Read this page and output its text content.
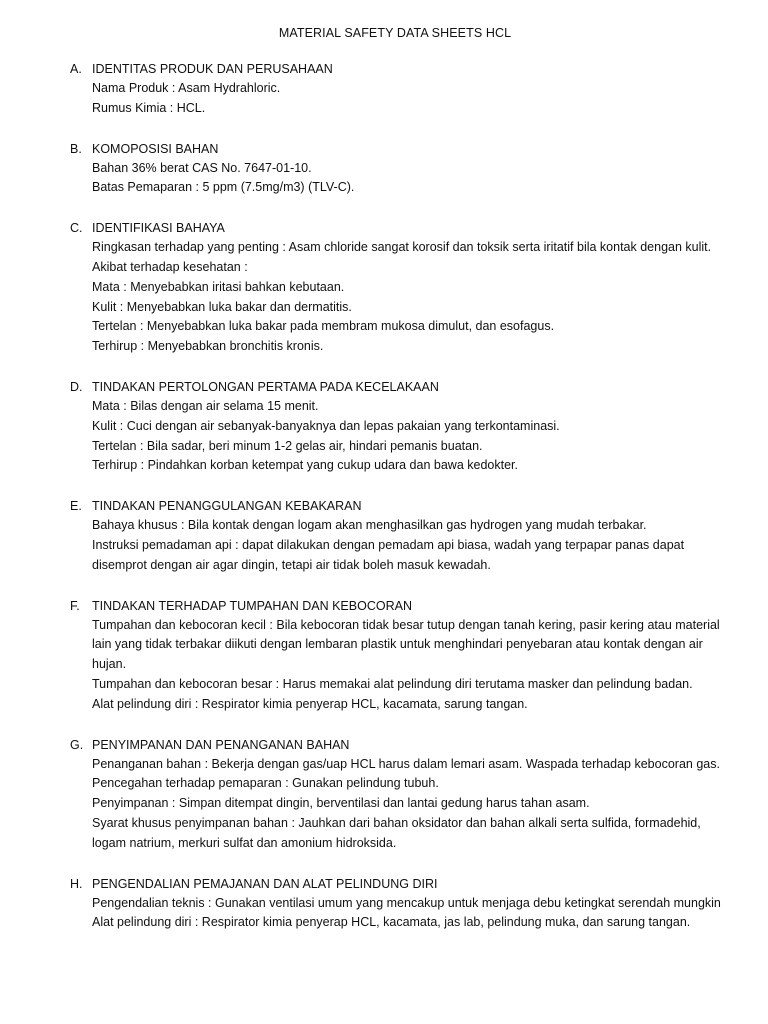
MATERIAL SAFETY DATA SHEETS HCL
A. IDENTITAS PRODUK DAN PERUSAHAAN
Nama Produk : Asam Hydrahloric.
Rumus Kimia : HCL.
B. KOMOPOSISI BAHAN
Bahan 36% berat CAS No. 7647-01-10.
Batas Pemaparan : 5 ppm (7.5mg/m3) (TLV-C).
C. IDENTIFIKASI BAHAYA
Ringkasan terhadap yang penting : Asam chloride sangat korosif dan toksik serta iritatif bila kontak dengan kulit.
Akibat terhadap kesehatan :
Mata : Menyebabkan iritasi bahkan kebutaan.
Kulit : Menyebabkan luka bakar dan dermatitis.
Tertelan : Menyebabkan luka bakar pada membram mukosa dimulut, dan esofagus.
Terhirup : Menyebabkan bronchitis kronis.
D. TINDAKAN PERTOLONGAN PERTAMA PADA KECELAKAAN
Mata : Bilas dengan air selama 15 menit.
Kulit : Cuci dengan air sebanyak-banyaknya dan lepas pakaian yang terkontaminasi.
Tertelan : Bila sadar, beri minum 1-2 gelas air, hindari pemanis buatan.
Terhirup : Pindahkan korban ketempat yang cukup udara dan bawa kedokter.
E. TINDAKAN PENANGGULANGAN KEBAKARAN
Bahaya khusus : Bila kontak dengan logam akan menghasilkan gas hydrogen yang mudah terbakar.
Instruksi pemadaman api : dapat dilakukan dengan pemadam api biasa, wadah yang terpapar panas dapat
disemprot dengan air agar dingin, tetapi air tidak boleh masuk kewadah.
F. TINDAKAN TERHADAP TUMPAHAN DAN KEBOCORAN
Tumpahan dan kebocoran kecil : Bila kebocoran tidak besar tutup dengan tanah kering, pasir kering atau material
lain yang tidak terbakar diikuti dengan lembaran plastik untuk menghindari penyebaran atau kontak dengan air
hujan.
Tumpahan dan kebocoran besar : Harus memakai alat pelindung diri terutama masker dan pelindung badan.
Alat pelindung diri : Respirator kimia penyerap HCL, kacamata, sarung tangan.
G. PENYIMPANAN DAN PENANGANAN BAHAN
Penanganan bahan : Bekerja dengan gas/uap HCL harus dalam lemari asam. Waspada terhadap kebocoran gas.
Pencegahan terhadap pemaparan : Gunakan pelindung tubuh.
Penyimpanan : Simpan ditempat dingin, berventilasi dan lantai gedung harus tahan asam.
Syarat khusus penyimpanan bahan : Jauhkan dari bahan oksidator dan bahan alkali serta sulfida, formadehid,
logam natrium, merkuri sulfat dan amonium hidroksida.
H. PENGENDALIAN PEMAJANAN DAN ALAT PELINDUNG DIRI
Pengendalian teknis : Gunakan ventilasi umum yang mencakup untuk menjaga debu ketingkat serendah mungkin
Alat pelindung diri : Respirator kimia penyerap HCL, kacamata, jas lab, pelindung muka, dan sarung tangan.
